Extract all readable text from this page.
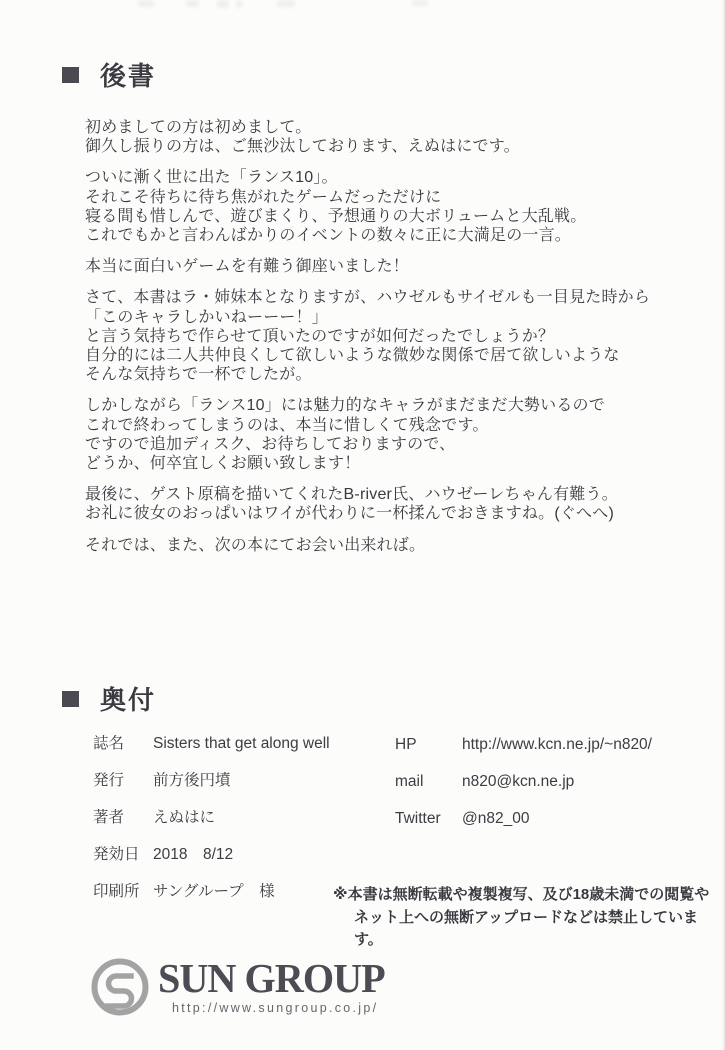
後書

初めましての方は初めまして。
御久し振りの方は、ご無沙汰しております、えぬはにです。

ついに漸く世に出た「ランス10」。
それこそ待ちに待ち焦がれたゲームだっただけに
寝る間も惜しんで、遊びまくり、予想通りの大ボリュームと大乱戦。
これでもかと言わんばかりのイベントの数々に正に大満足の一言。

本当に面白いゲームを有難う御座いました！

さて、本書はラ・姉妹本となりますが、ハウゼルもサイゼルも一目見た時から
「このキャラしかいねーーー！」
と言う気持ちで作らせて頂いたのですが如何だったでしょうか？
自分的には二人共仲良くして欲しいような微妙な関係で居て欲しいような
そんな気持ちで一杯でしたが。

しかしながら「ランス10」には魅力的なキャラがまだまだ大勢いるので
これで終わってしまうのは、本当に惜しくて残念です。
ですので追加ディスク、お待ちしておりますので、
どうか、何卒宜しくお願い致します！

最後に、ゲスト原稿を描いてくれたB-river氏、ハウゼーレちゃん有難う。
お礼に彼女のおっぱいはワイが代わりに一杯揉んでおきますね。(ぐへへ)

それでは、また、次の本にてお会い出来れば。

奥付
誌名	Sisters that get along well
発行	前方後円墳
著者	えぬはに
発効日 2018　8/12
印刷所 サングループ　様
HP	http://www.kcn.ne.jp/~n820/
mail	n820@kcn.ne.jp
Twitter	@n82_00
※本書は無断転載や複製複写、及び18歳未満での閲覧や
ネット上への無断アップロードなどは禁止しています。
SUN GROUP
http://www.sungroup.co.jp/
